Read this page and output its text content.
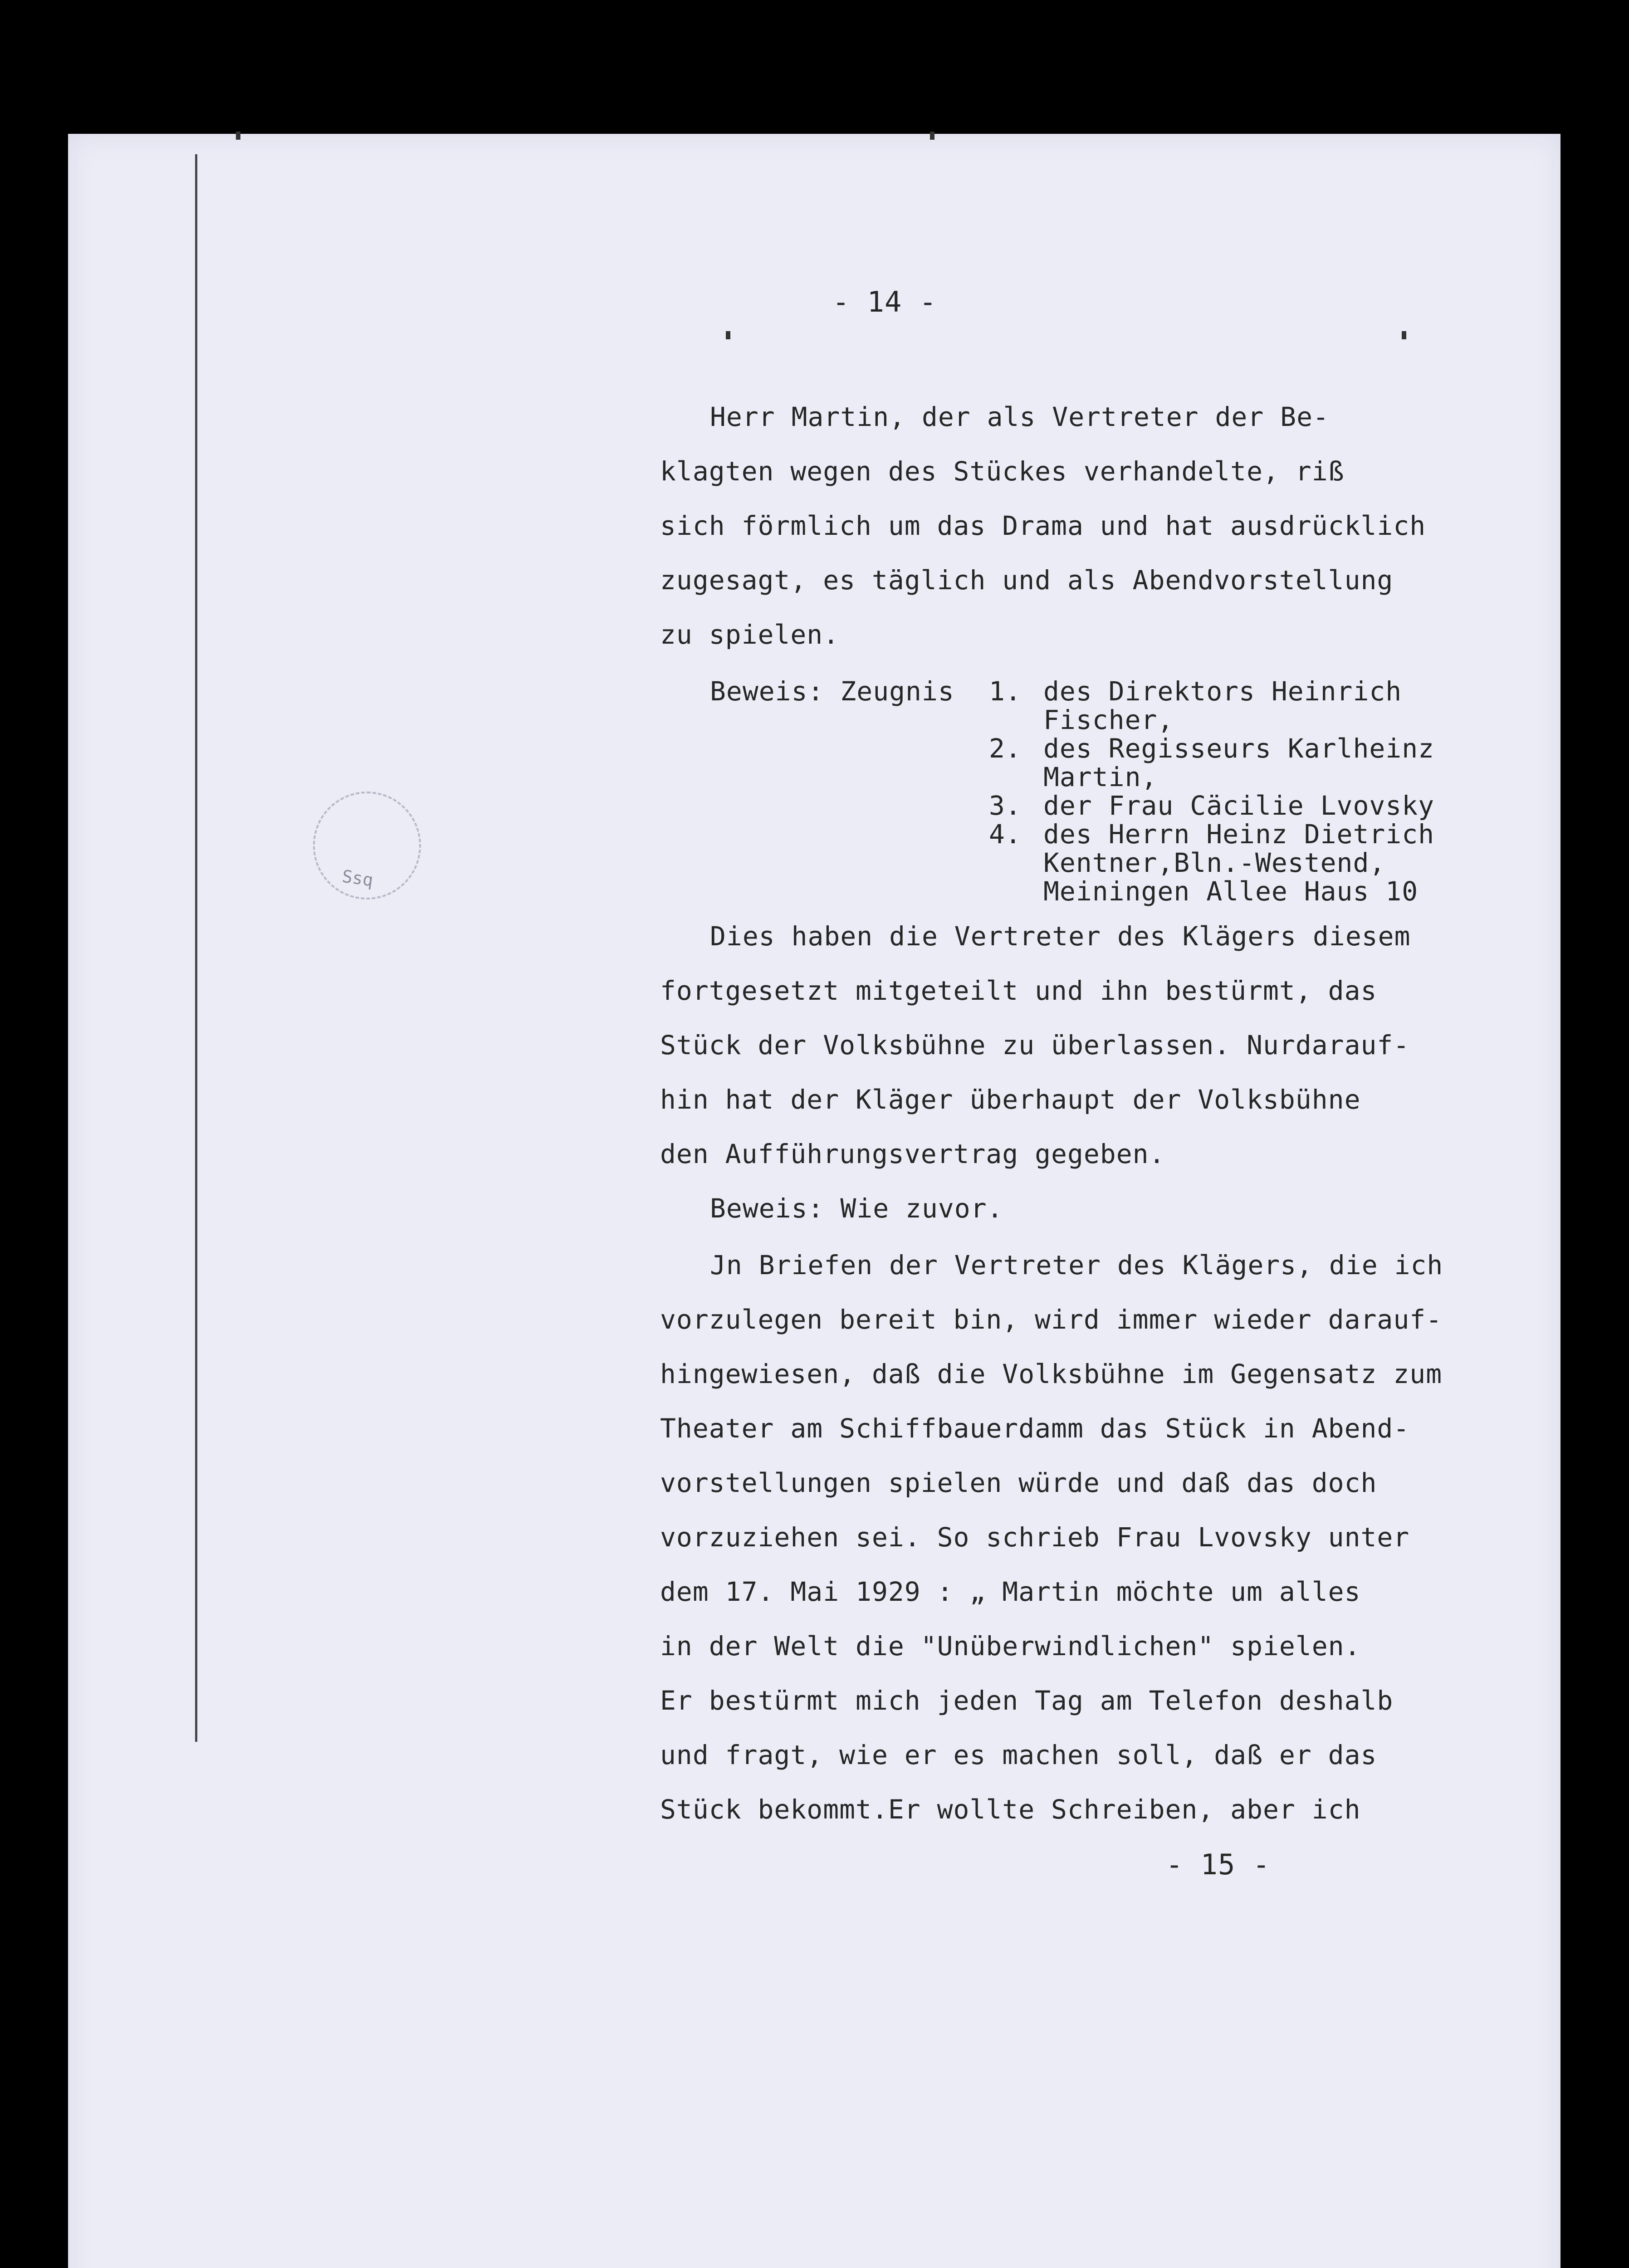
Ssq
- 14 -
Herr Martin, der als Vertreter der Be-
klagten wegen des Stückes verhandelte, riß
sich förmlich um das Drama und hat ausdrücklich
zugesagt, es täglich und als Abendvorstellung
zu spielen.
Beweis: Zeugnis 1. des Direktors Heinrich
Fischer,
2. des Regisseurs Karlheinz
Martin,
3. der Frau Cäcilie Lvovsky
4. des Herrn Heinz Dietrich
Kentner,Bln.-Westend,
Meiningen Allee Haus 10
Dies haben die Vertreter des Klägers diesem
fortgesetzt mitgeteilt und ihn bestürmt, das
Stück der Volksbühne zu überlassen. Nurdarauf-
hin hat der Kläger überhaupt der Volksbühne
den Aufführungsvertrag gegeben.
Beweis: Wie zuvor.
Jn Briefen der Vertreter des Klägers, die ich
vorzulegen bereit bin, wird immer wieder darauf-
hingewiesen, daß die Volksbühne im Gegensatz zum
Theater am Schiffbauerdamm das Stück in Abend-
vorstellungen spielen würde und daß das doch
vorzuziehen sei. So schrieb Frau Lvovsky unter
dem 17. Mai 1929 : „ Martin möchte um alles
in der Welt die "Unüberwindlichen" spielen.
Er bestürmt mich jeden Tag am Telefon deshalb
und fragt, wie er es machen soll, daß er das
Stück bekommt.Er wollte Schreiben, aber ich
- 15 -
